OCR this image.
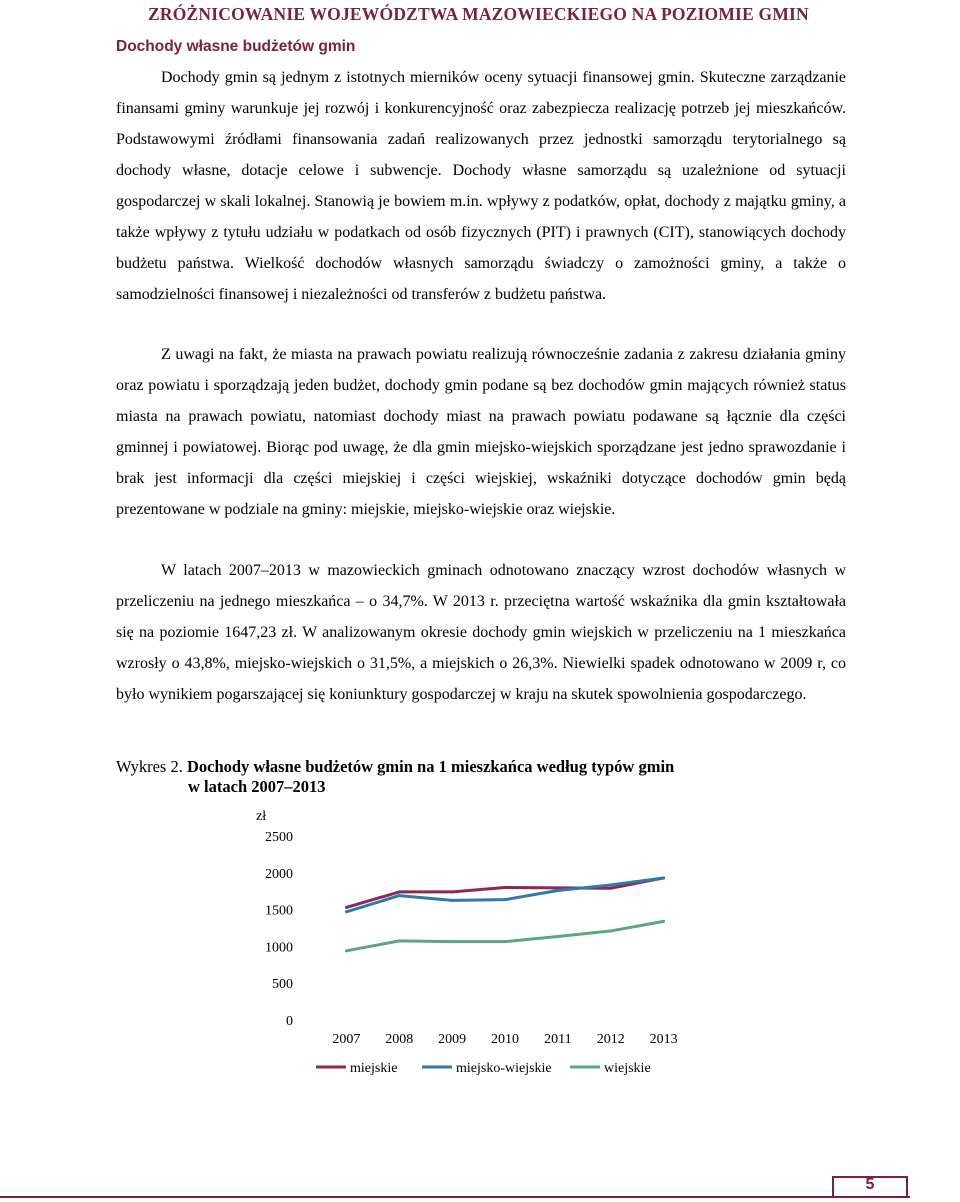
ZRÓŻNICOWANIE WOJEWÓDZTWA MAZOWIECKIEGO NA POZIOMIE GMIN
Dochody własne budżetów gmin

Dochody gmin są jednym z istotnych mierników oceny sytuacji finansowej gmin. Skuteczne zarządzanie finansami gminy warunkuje jej rozwój i konkurencyjność oraz zabezpiecza realizację potrzeb jej mieszkańców. Podstawowymi źródłami finansowania zadań realizowanych przez jednostki samorządu terytorialnego są dochody własne, dotacje celowe i subwencje. Dochody własne samorządu są uzależnione od sytuacji gospodarczej w skali lokalnej. Stanowią je bowiem m.in. wpływy z podatków, opłat, dochody z majątku gminy, a także wpływy z tytułu udziału w podatkach od osób fizycznych (PIT) i prawnych (CIT), stanowiących dochody budżetu państwa. Wielkość dochodów własnych samorządu świadczy o zamożności gminy, a także o samodzielności finansowej i niezależności od transferów z budżetu państwa.

Z uwagi na fakt, że miasta na prawach powiatu realizują równocześnie zadania z zakresu działania gminy oraz powiatu i sporządzają jeden budżet, dochody gmin podane są bez dochodów gmin mających również status miasta na prawach powiatu, natomiast dochody miast na prawach powiatu podawane są łącznie dla części gminnej i powiatowej. Biorąc pod uwagę, że dla gmin miejsko-wiejskich sporządzane jest jedno sprawozdanie i brak jest informacji dla części miejskiej i części wiejskiej, wskaźniki dotyczące dochodów gmin będą prezentowane w podziale na gminy: miejskie, miejsko-wiejskie oraz wiejskie.

W latach 2007–2013 w mazowieckich gminach odnotowano znaczący wzrost dochodów własnych w przeliczeniu na jednego mieszkańca – o 34,7%. W 2013 r. przeciętna wartość wskaźnika dla gmin kształtowała się na poziomie 1647,23 zł. W analizowanym okresie dochody gmin wiejskich w przeliczeniu na 1 mieszkańca wzrosły o 43,8%, miejsko-wiejskich o 31,5%, a miejskich o 26,3%. Niewielki spadek odnotowano w 2009 r, co było wynikiem pogarszającej się koniunktury gospodarczej w kraju na skutek spowolnienia gospodarczego.

Wykres 2. Dochody własne budżetów gmin na 1 mieszkańca według typów gmin
w latach 2007–2013
zł
0
500
1000
1500
2000
2500
2007 2008 2009 2010 2011 2012 2013
miejskie	miejsko-wiejskie	wiejskie
5
